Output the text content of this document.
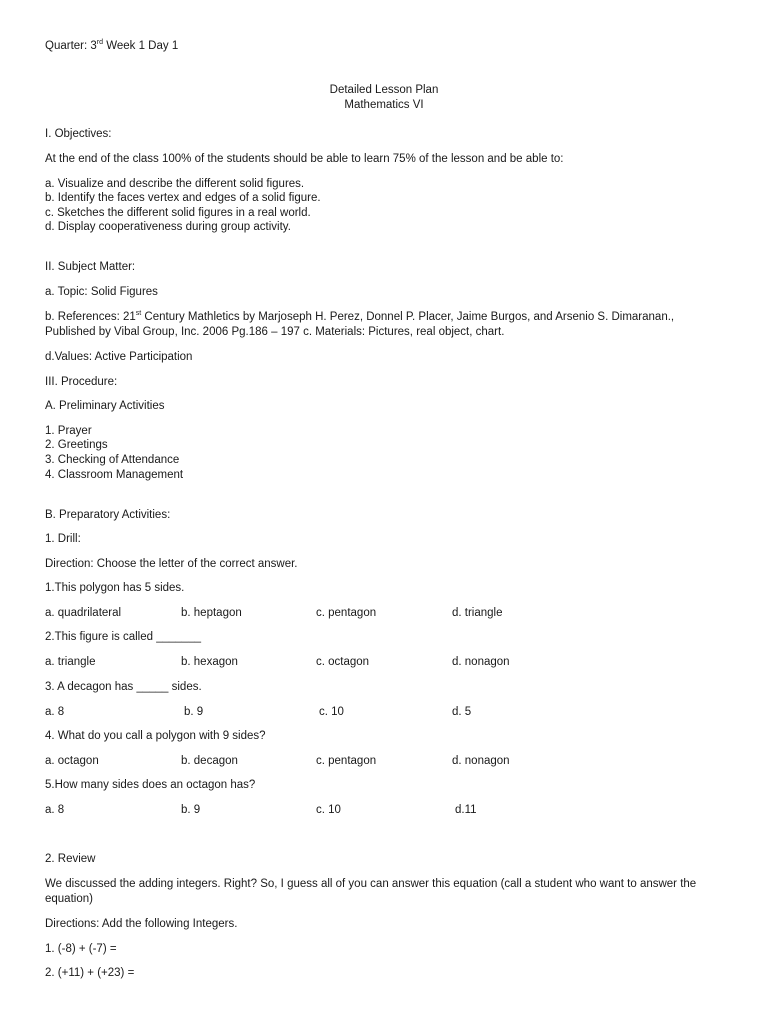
Quarter: 3rd Week 1 Day 1
Detailed Lesson Plan
Mathematics VI
I. Objectives:
At the end of the class 100% of the students should be able to learn 75% of the lesson and be able to:
a. Visualize and describe the different solid figures.
b. Identify the faces vertex and edges of a solid figure.
c. Sketches the different solid figures in a real world.
d. Display cooperativeness during group activity.
II. Subject Matter:
a. Topic: Solid Figures
b. References: 21st Century Mathletics by Marjoseph H. Perez, Donnel P. Placer, Jaime Burgos, and Arsenio S. Dimaranan., Published by Vibal Group, Inc. 2006 Pg.186 – 197 c. Materials: Pictures, real object, chart.
d.Values: Active Participation
III. Procedure:
A. Preliminary Activities
1. Prayer
2. Greetings
3. Checking of Attendance
4. Classroom Management
B. Preparatory Activities:
1. Drill:
Direction: Choose the letter of the correct answer.
1.This polygon has 5 sides.
a. quadrilateral	b. heptagon	c. pentagon	d. triangle
2.This figure is called _______
a. triangle	b. hexagon	c. octagon	d. nonagon
3. A decagon has _____ sides.
a. 8	b. 9	c. 10	d. 5
4. What do you call a polygon with 9 sides?
a. octagon	b. decagon	c. pentagon	d. nonagon
5.How many sides does an octagon has?
a. 8	b. 9	c. 10	d.11
2. Review
We discussed the adding integers. Right? So, I guess all of you can answer this equation (call a student who want to answer the equation)
Directions: Add the following Integers.
1. (-8) + (-7) =
2. (+11) + (+23) =
